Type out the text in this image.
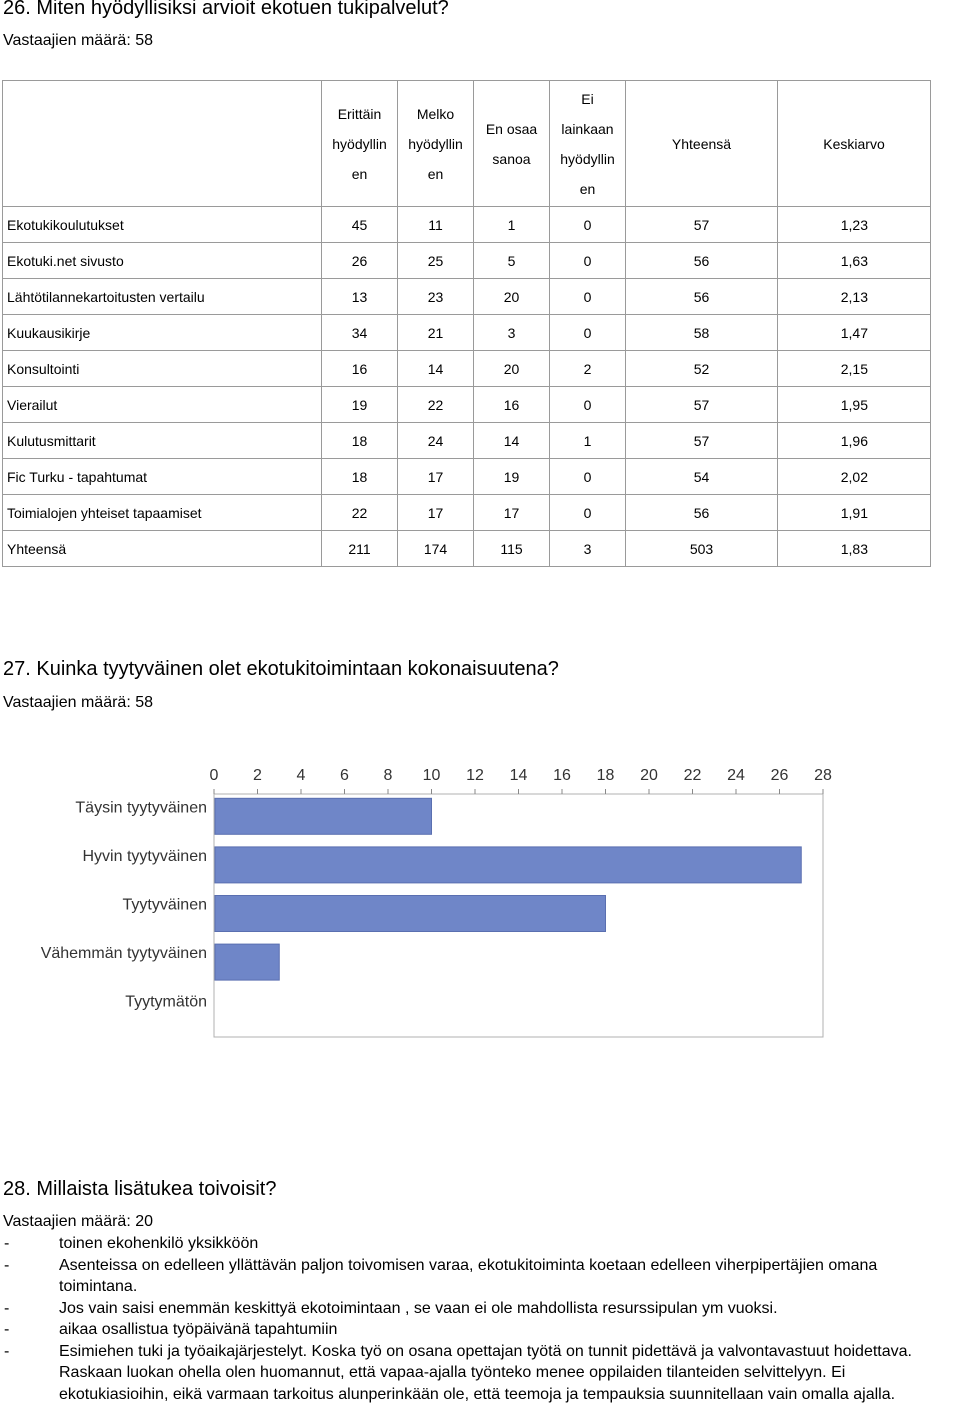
26. Miten hyödyllisiksi arvioit ekotuen tukipalvelut?
Vastaajien määrä: 58
	Erittäin
hyödyllin
en	Melko
hyödyllin
en	En osaa
sanoa	Ei
lainkaan
hyödyllin
en	Yhteensä	Keskiarvo
Ekotukikoulutukset	45	11	1	0	57	1,23
Ekotuki.net sivusto	26	25	5	0	56	1,63
Lähtötilannekartoitusten vertailu	13	23	20	0	56	2,13
Kuukausikirje	34	21	3	0	58	1,47
Konsultointi	16	14	20	2	52	2,15
Vierailut	19	22	16	0	57	1,95
Kulutusmittarit	18	24	14	1	57	1,96
Fic Turku - tapahtumat	18	17	19	0	54	2,02
Toimialojen yhteiset tapaamiset	22	17	17	0	56	1,91
Yhteensä	211	174	115	3	503	1,83
27. Kuinka tyytyväinen olet ekotukitoimintaan kokonaisuutena?
Vastaajien määrä: 58
0 2 4 6 8 10 12 14 16 18 20 22 24 26 28
Täysin tyytyväinen
Hyvin tyytyväinen
Tyytyväinen
Vähemmän tyytyväinen
Tyytymätön
28. Millaista lisätukea toivoisit?
Vastaajien määrä: 20
-	toinen ekohenkilö yksikköön
-	Asenteissa on edelleen yllättävän paljon toivomisen varaa, ekotukitoiminta koetaan edelleen viherpipertäjien omana toimintana.
-	Jos vain saisi enemmän keskittyä ekotoimintaan , se vaan ei ole mahdollista resurssipulan ym vuoksi.
-	aikaa osallistua työpäivänä tapahtumiin
-	Esimiehen tuki ja työaikajärjestelyt. Koska työ on osana opettajan työtä on tunnit pidettävä ja valvontavastuut hoidettava. Raskaan luokan ohella olen huomannut, että vapaa-ajalla työnteko menee oppilaiden tilanteiden selvittelyyn. Ei ekotukiasioihin, eikä varmaan tarkoitus alunperinkään ole, että teemoja ja tempauksia suunnitellaan vain omalla ajalla.
